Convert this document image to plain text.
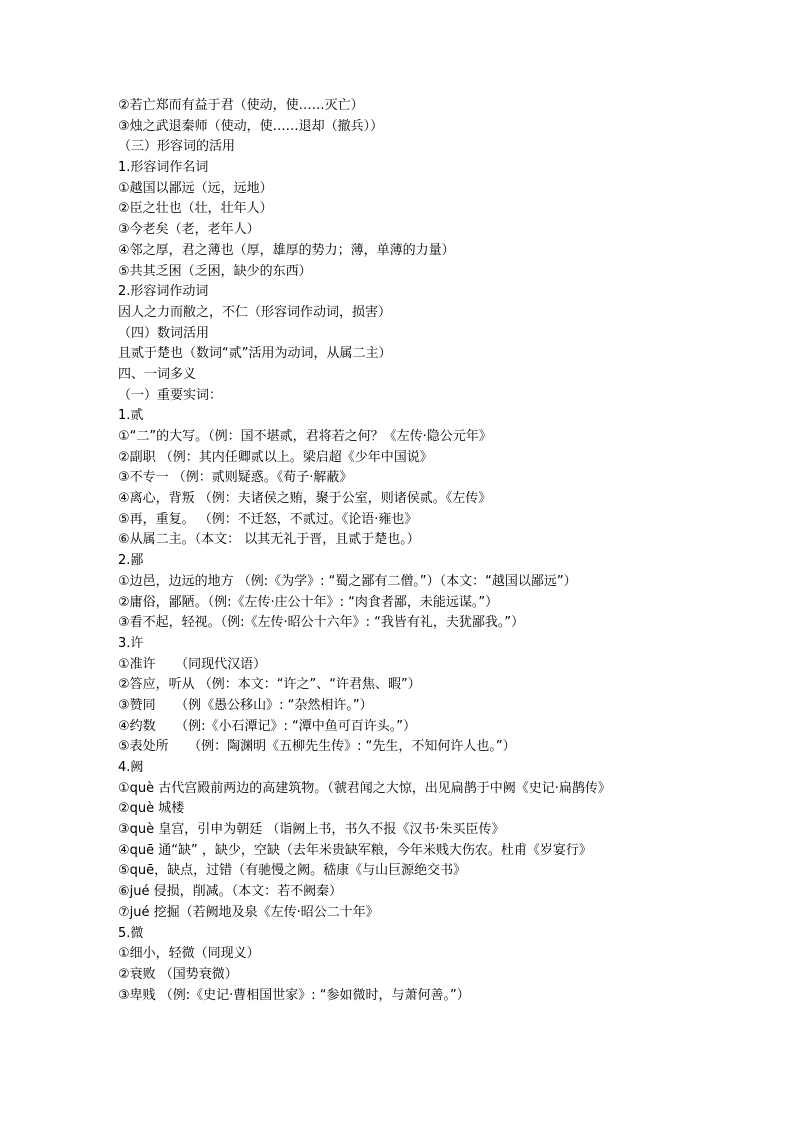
②若亡郑而有益于君（使动，使……灭亡）
③烛之武退秦师（使动，使……退却（撤兵））
（三）形容词的活用
1.形容词作名词
①越国以鄙远（远，远地）
②臣之壮也（壮，壮年人）
③今老矣（老，老年人）
④邻之厚，君之薄也（厚，雄厚的势力；薄，单薄的力量）
⑤共其乏困（乏困，缺少的东西）
2.形容词作动词
因人之力而敝之，不仁（形容词作动词，损害）
（四）数词活用
且贰于楚也（数词“贰”活用为动词，从属二主）
四、一词多义
（一）重要实词：
1.贰
①“二”的大写。（例：国不堪贰，君将若之何？《左传·隐公元年》
②副职 （例：其内任卿贰以上。梁启超《少年中国说》
③不专一 （例：贰则疑惑。《荀子·解蔽》
④离心，背叛 （例：夫诸侯之贿，聚于公室，则诸侯贰。《左传》
⑤再，重复。 （例：不迁怒，不贰过。《论语·雍也》
⑥从属二主。（本文： 以其无礼于晋，且贰于楚也。）
2.鄙
①边邑，边远的地方 （例:《为学》: “蜀之鄙有二僧。”）（本文：“越国以鄙远”）
②庸俗，鄙陋。（例:《左传·庄公十年》: “肉食者鄙，未能远谋。”）
③看不起，轻视。（例:《左传·昭公十六年》: “我皆有礼，夫犹鄙我。”）
3.许
①准许　　（同现代汉语）
②答应，听从 （例：本文：“许之”、“许君焦、暇”）
③赞同　　（例《愚公移山》: “杂然相许。”）
④约数　　（例:《小石潭记》: “潭中鱼可百许头。”）
⑤表处所　　（例：陶渊明《五柳先生传》: “先生，不知何许人也。”）
4.阙
①què 古代宫殿前两边的高建筑物。（虢君闻之大惊，出见扁鹊于中阙《史记·扁鹊传》
②què 城楼
③què 皇宫，引申为朝廷 （诣阙上书，书久不报《汉书·朱买臣传》
④quē 通“缺” ，缺少，空缺（去年米贵缺军粮，今年米贱大伤农。杜甫《岁宴行》
⑤quē，缺点，过错（有驰慢之阙。嵇康《与山巨源绝交书》
⑥jué 侵损，削减。（本文：若不阙秦）
⑦jué 挖掘（若阙地及泉《左传·昭公二十年》
5.微
①细小，轻微（同现义）
②衰败 （国势衰微）
③卑贱 （例:《史记·曹相国世家》: “参如微时，与萧何善。”）
